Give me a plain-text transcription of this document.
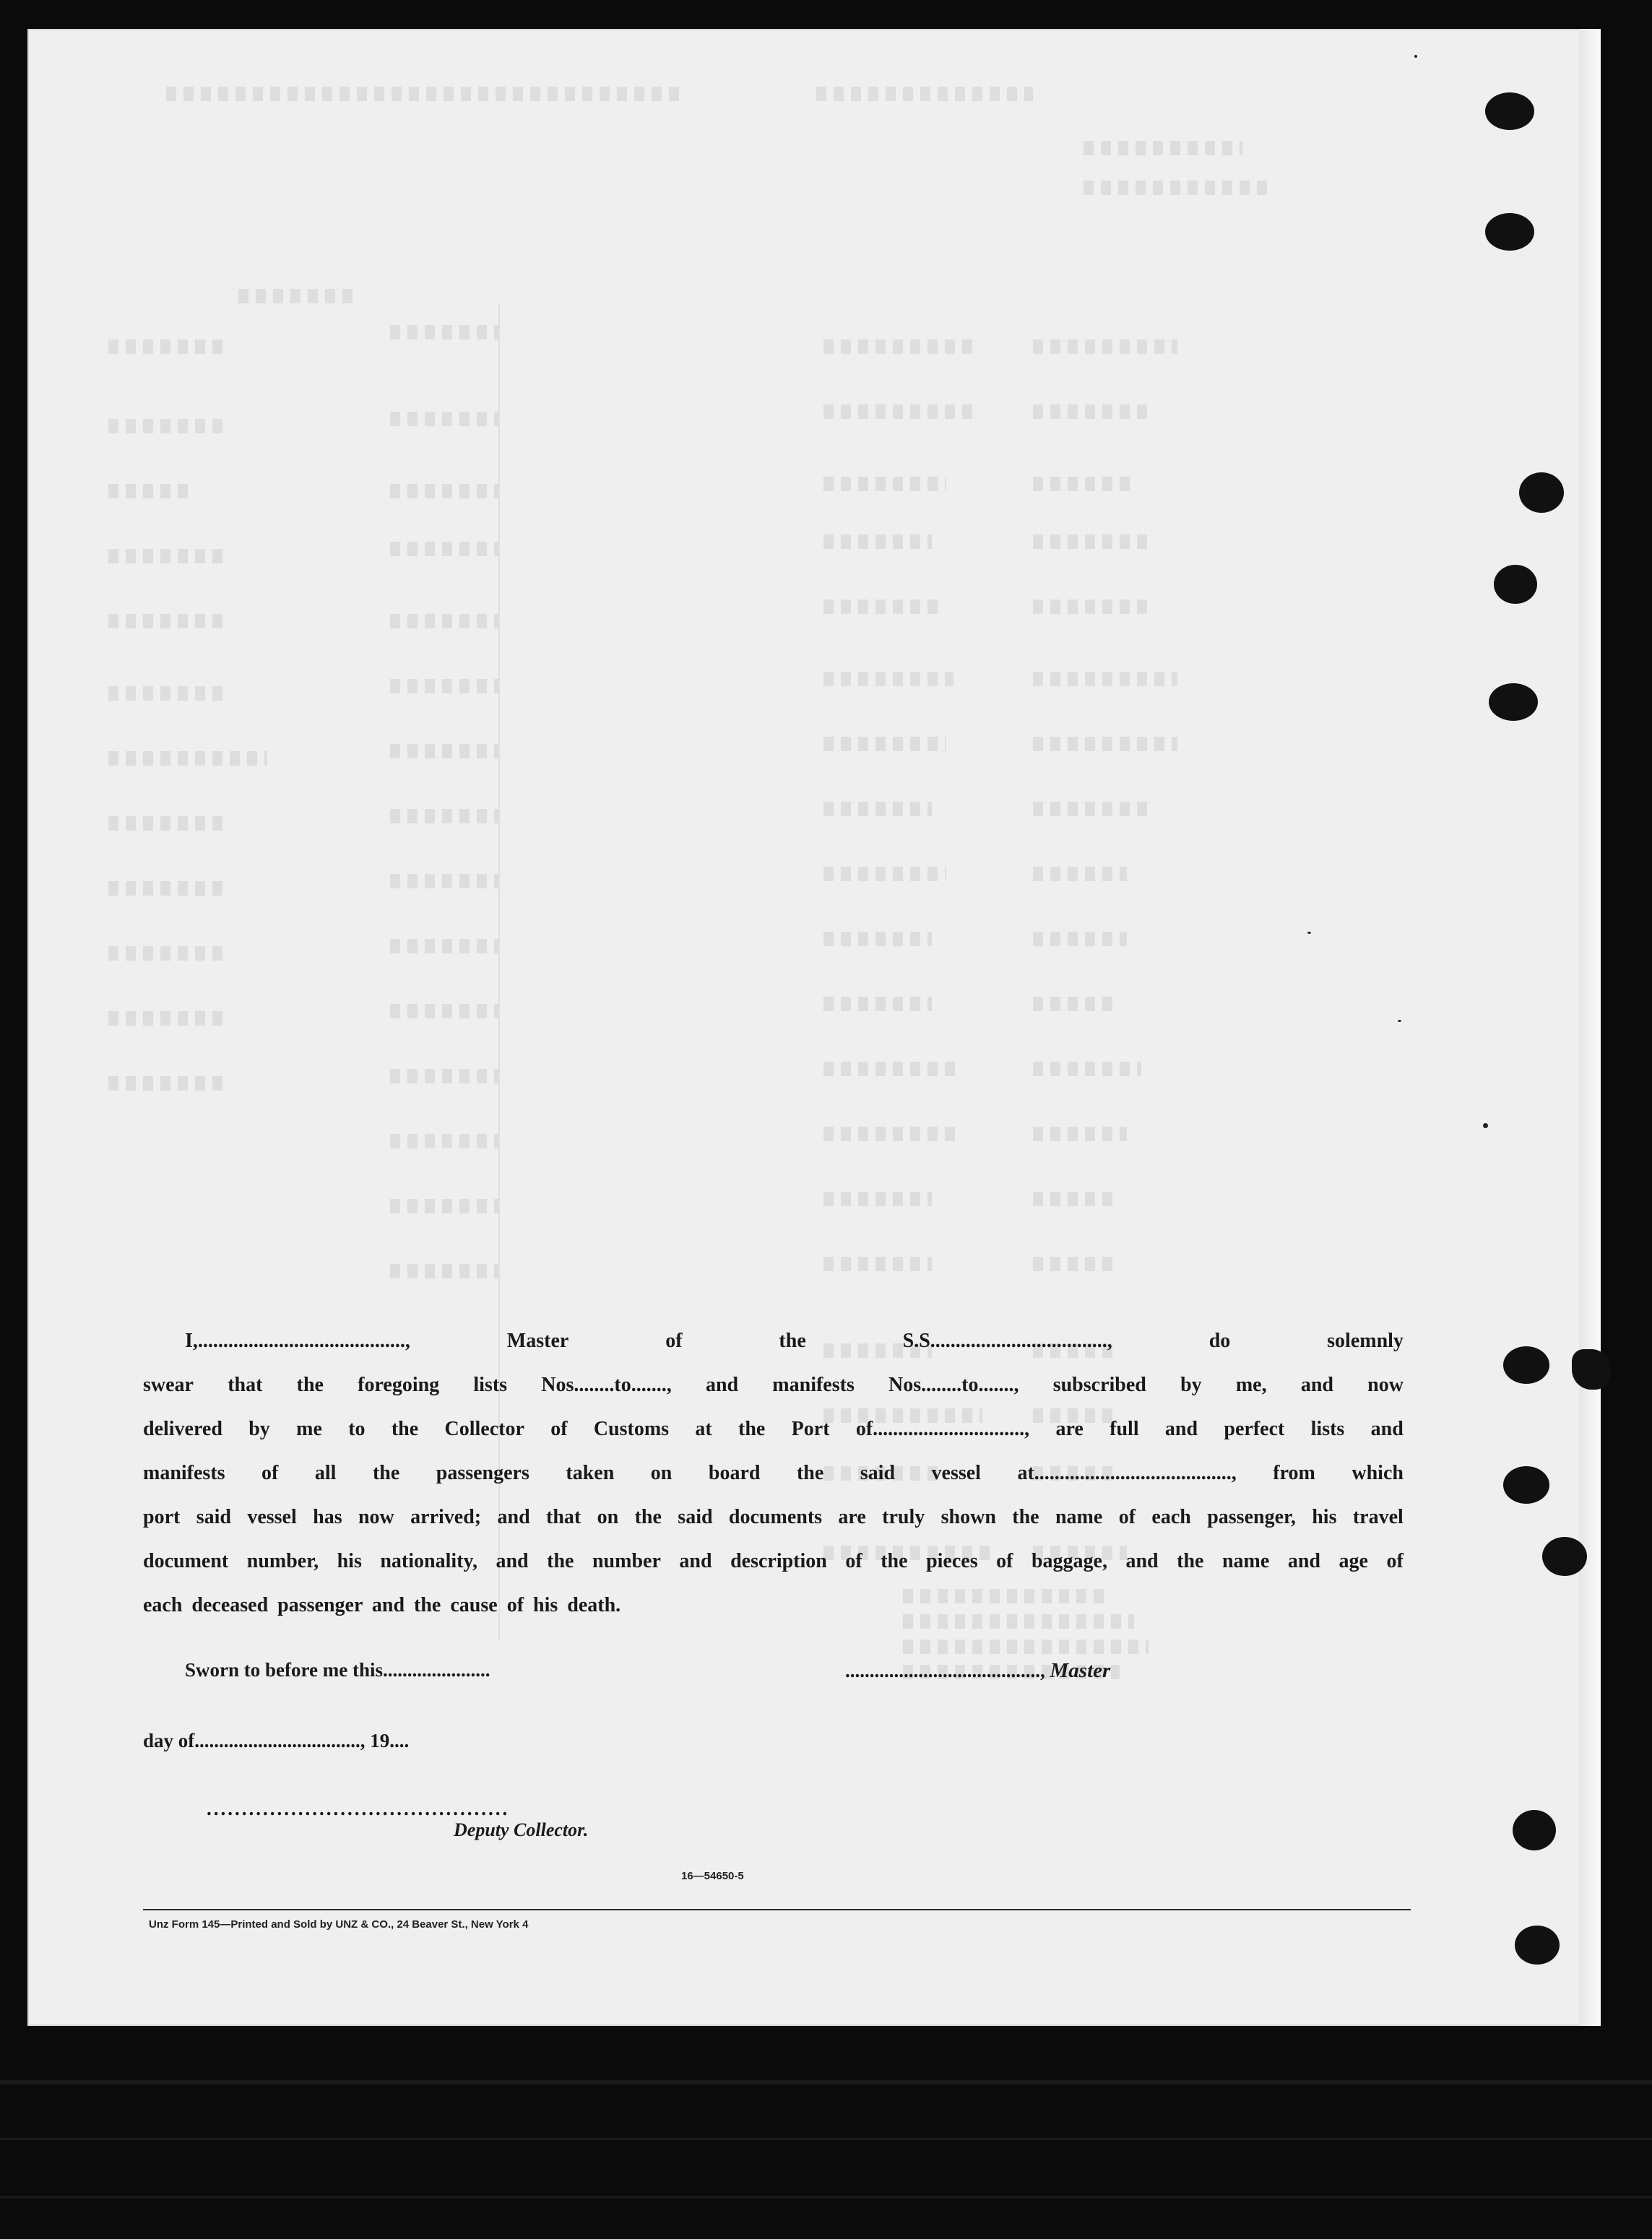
I,.........................................,	Master	of	the	S.S...................................,	do	solemnly
swear that the foregoing lists Nos........to......., and manifests Nos........to......., subscribed by me, and now
delivered by me to the Collector of Customs at the Port of.............................., are full and perfect lists and
manifests of all the passengers taken on board the said vessel at......................................., from which
port said vessel has now arrived; and that on the said documents are truly shown the name of each passenger, his travel
document number, his nationality, and the number and description of the pieces of baggage, and the name and age of
each deceased passenger and the cause of his death.
Sworn to before me this......................	........................................, Master
day of.................................., 19....
...........................................
Deputy Collector.
16—54650-5
Unz Form 145—Printed and Sold by UNZ & CO., 24 Beaver St., New York 4
